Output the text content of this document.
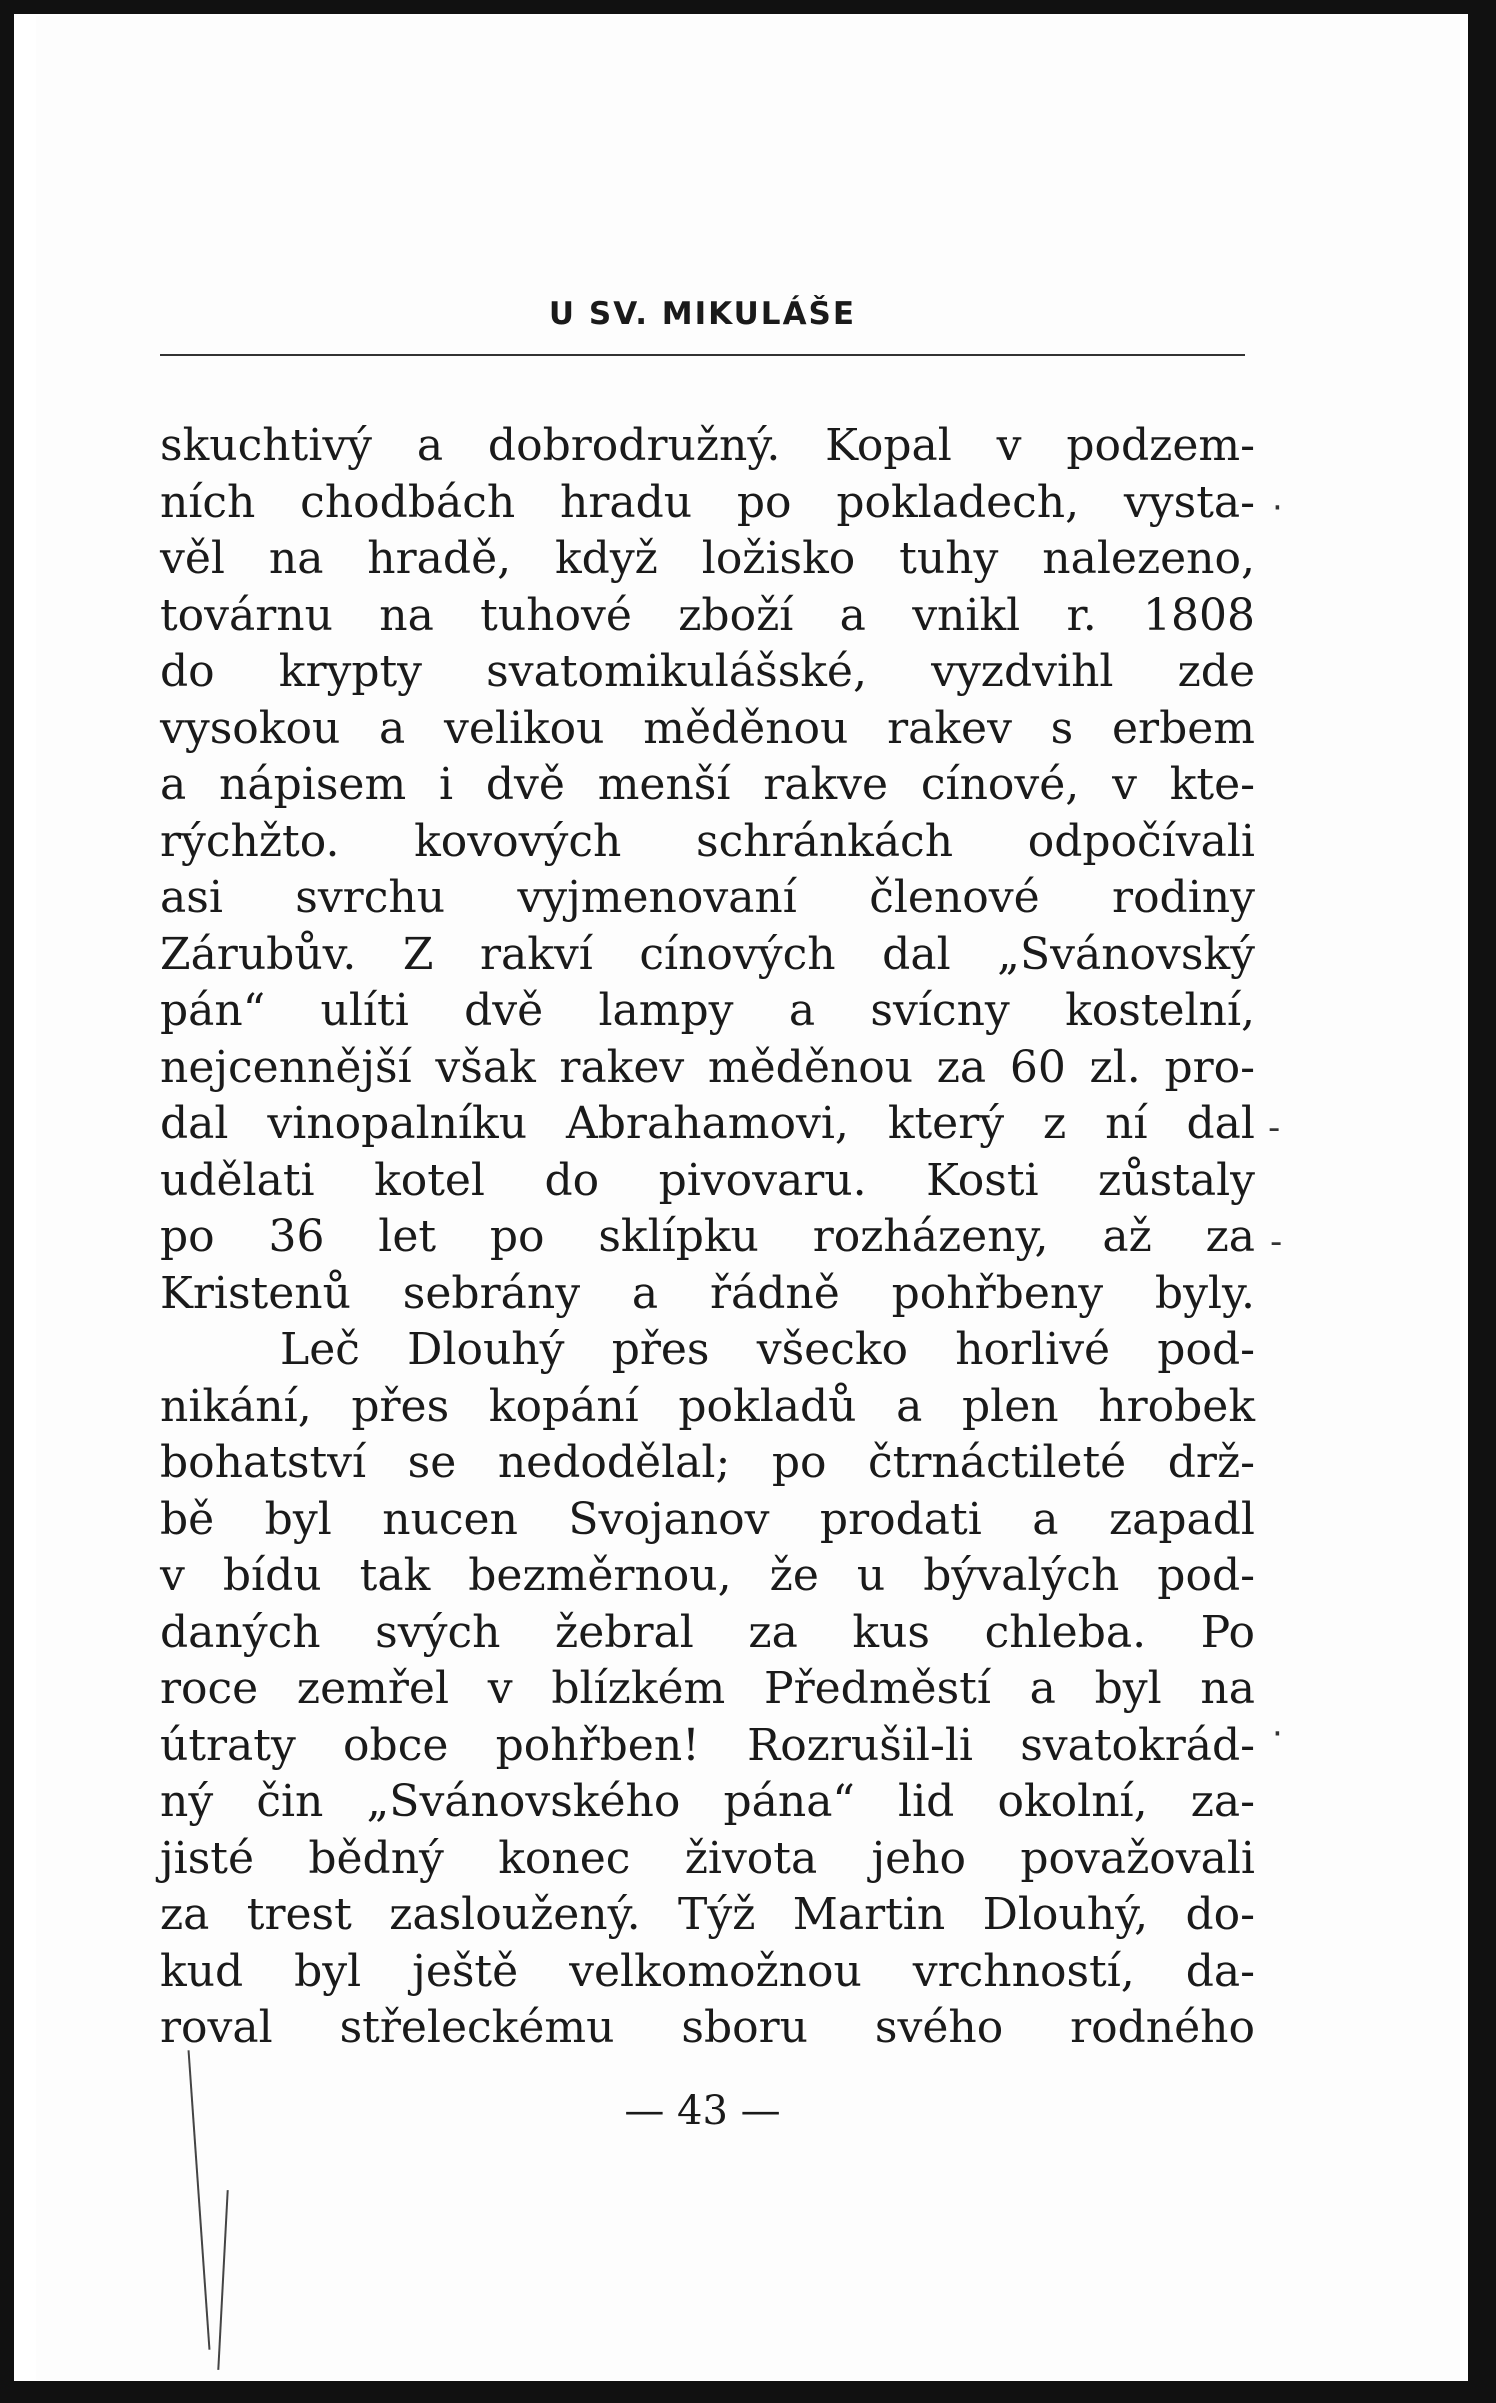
U SV. MIKULÁŠE
skuchtivý a dobrodružný. Kopal v podzem-
ních chodbách hradu po pokladech, vysta-
věl na hradě, když ložisko tuhy nalezeno,
továrnu na tuhové zboží a vnikl r. 1808
do krypty svatomikulášské, vyzdvihl zde
vysokou a velikou měděnou rakev s erbem
a nápisem i dvě menší rakve cínové, v kte-
rýchžto. kovových schránkách odpočívali
asi svrchu vyjmenovaní členové rodiny
Zárubův. Z rakví cínových dal „Svánovský
pán“ ulíti dvě lampy a svícny kostelní,
nejcennější však rakev měděnou za 60 zl. pro-
dal vinopalníku Abrahamovi, který z ní dal
udělati kotel do pivovaru. Kosti zůstaly
po 36 let po sklípku rozházeny, až za
Kristenů sebrány a řádně pohřbeny byly.
Leč Dlouhý přes všecko horlivé pod-
nikání, přes kopání pokladů a plen hrobek
bohatství se nedodělal; po čtrnáctileté drž-
bě byl nucen Svojanov prodati a zapadl
v bídu tak bezměrnou, že u bývalých pod-
daných svých žebral za kus chleba. Po
roce zemřel v blízkém Předměstí a byl na
útraty obce pohřben! Rozrušil-li svatokrád-
ný čin „Svánovského pána“ lid okolní, za-
jisté bědný konec života jeho považovali
za trest zasloužený. Týž Martin Dlouhý, do-
kud byl ještě velkomožnou vrchností, da-
roval střeleckému sboru svého rodného
— 43 —
·
-
-
·
